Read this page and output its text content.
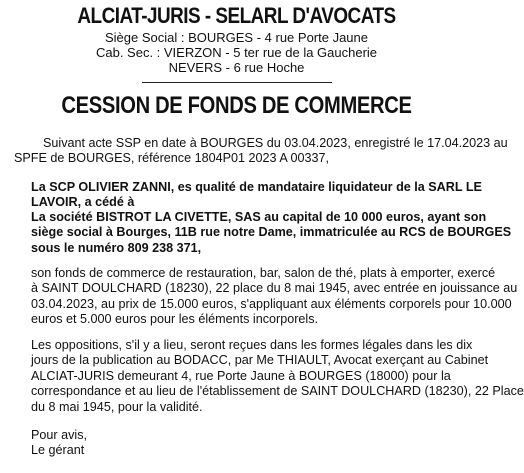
ALCIAT-JURIS - SELARL D'AVOCATS
Siège Social : BOURGES - 4 rue Porte Jaune
Cab. Sec. : VIERZON - 5 ter rue de la Gaucherie
NEVERS - 6 rue Hoche
CESSION DE FONDS DE COMMERCE
Suivant acte SSP en date à BOURGES du 03.04.2023, enregistré le 17.04.2023 au
SPFE de BOURGES, référence 1804P01 2023 A 00337,
La SCP OLIVIER ZANNI, es qualité de mandataire liquidateur de la SARL LE
LAVOIR, a cédé à
La société BISTROT LA CIVETTE, SAS au capital de 10 000 euros, ayant son
siège social à Bourges, 11B rue notre Dame, immatriculée au RCS de BOURGES
sous le numéro 809 238 371,
son fonds de commerce de restauration, bar, salon de thé, plats à emporter, exercé
à SAINT DOULCHARD (18230), 22 place du 8 mai 1945, avec entrée en jouissance au
03.04.2023, au prix de 15.000 euros, s'appliquant aux éléments corporels pour 10.000
euros et 5.000 euros pour les éléments incorporels.
Les oppositions, s'il y a lieu, seront reçues dans les formes légales dans les dix
jours de la publication au BODACC, par Me THIAULT, Avocat exerçant au Cabinet
ALCIAT-JURIS demeurant 4, rue Porte Jaune à BOURGES (18000) pour la
correspondance et au lieu de l'établissement de SAINT DOULCHARD (18230), 22 Place
du 8 mai 1945, pour la validité.
Pour avis,
Le gérant
